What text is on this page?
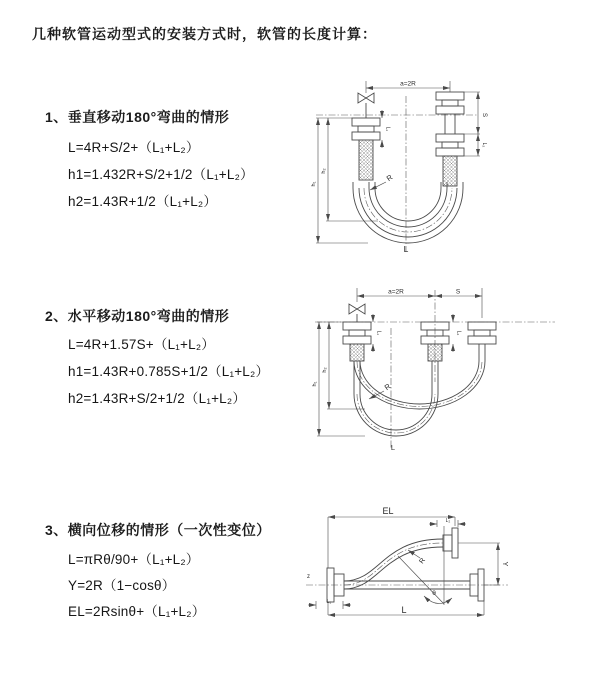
几种软管运动型式的安装方式时，软管的长度计算：
1、垂直移动180°弯曲的情形
L=4R+S/2+（L₁+L₂）
h1=1.432R+S/2+1/2（L₁+L₂）
h2=1.43R+1/2（L₁+L₂）
2、水平移动180°弯曲的情形
L=4R+1.57S+（L₁+L₂）
h1=1.43R+0.785S+1/2（L₁+L₂）
h2=1.43R+S/2+1/2（L₁+L₂）
3、横向位移的情形（一次性变位）
L=πRθ/90+（L₁+L₂）
Y=2R（1−cosθ）
EL=2Rsinθ+（L₁+L₂）
a=2R
S
L₂
L₁
h₁
h₂
R
L
a=2R	S
h₁
h₂
L₁	L₂
R
L
z
θ
R
EL
L₂
Y
L₁
L
